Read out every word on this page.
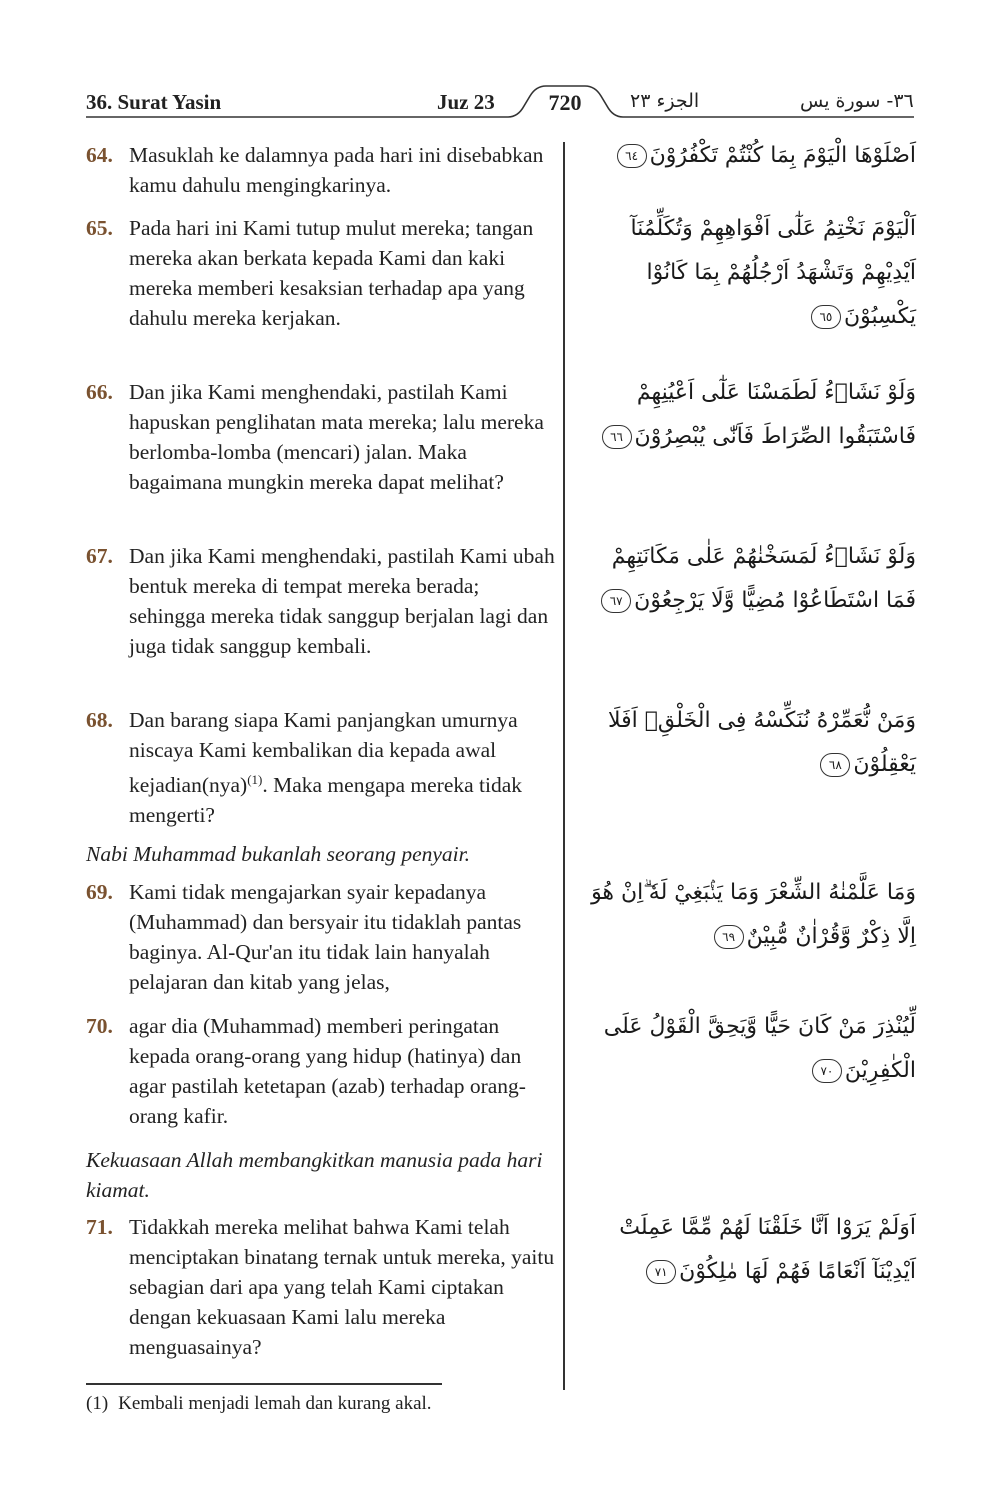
36. Surat Yasin	Juz 23	720	الجزء ٢٣	٣٦- سورة يس
64. Masuklah ke dalamnya pada hari ini disebabkan kamu dahulu mengingkarinya.
65. Pada hari ini Kami tutup mulut mereka; tangan mereka akan berkata kepada Kami dan kaki mereka memberi kesaksian terhadap apa yang dahulu mereka kerjakan.
66. Dan jika Kami menghendaki, pastilah Kami hapuskan penglihatan mata mereka; lalu mereka berlomba-lomba (mencari) jalan. Maka bagaimana mungkin mereka dapat melihat?
67. Dan jika Kami menghendaki, pastilah Kami ubah bentuk mereka di tempat mereka berada; sehingga mereka tidak sanggup berjalan lagi dan juga tidak sanggup kembali.
68. Dan barang siapa Kami panjangkan umurnya niscaya Kami kembalikan dia kepada awal kejadian(nya)$^{(1)}$. Maka mengapa mereka tidak mengerti?
Nabi Muhammad bukanlah seorang penyair.
69. Kami tidak mengajarkan syair kepadanya (Muhammad) dan bersyair itu tidaklah pantas baginya. Al-Qur'an itu tidak lain hanyalah pelajaran dan kitab yang jelas,
70. agar dia (Muhammad) memberi peringatan kepada orang-orang yang hidup (hatinya) dan agar pastilah ketetapan (azab) terhadap orang-orang kafir.
Kekuasaan Allah membangkitkan manusia pada hari kiamat.
71. Tidakkah mereka melihat bahwa Kami telah menciptakan binatang ternak untuk mereka, yaitu sebagian dari apa yang telah Kami ciptakan dengan kekuasaan Kami lalu mereka menguasainya?
اَصْلَوْهَا الْيَوْمَ بِمَا كُنْتُمْ تَكْفُرُوْنَ٦٤
اَلْيَوْمَ نَخْتِمُ عَلٰٓى اَفْوَاهِهِمْ وَتُكَلِّمُنَآ اَيْدِيْهِمْ وَتَشْهَدُ اَرْجُلُهُمْ بِمَا كَانُوْا يَكْسِبُوْنَ٦٥
وَلَوْ نَشَاۤءُ لَطَمَسْنَا عَلٰٓى اَعْيُنِهِمْ فَاسْتَبَقُوا الصِّرَاطَ فَاَنّٰى يُبْصِرُوْنَ٦٦
وَلَوْ نَشَاۤءُ لَمَسَخْنٰهُمْ عَلٰى مَكَانَتِهِمْ فَمَا اسْتَطَاعُوْا مُضِيًّا وَّلَا يَرْجِعُوْنَ٦٧
وَمَنْ نُّعَمِّرْهُ نُنَكِّسْهُ فِى الْخَلْقِۗ اَفَلَا يَعْقِلُوْنَ٦٨
وَمَا عَلَّمْنٰهُ الشِّعْرَ وَمَا يَنْۢبَغِيْ لَهٗ ۗاِنْ هُوَ اِلَّا ذِكْرٌ وَّقُرْاٰنٌ مُّبِيْنٌ٦٩
لِّيُنْذِرَ مَنْ كَانَ حَيًّا وَّيَحِقَّ الْقَوْلُ عَلَى الْكٰفِرِيْنَ٧٠
اَوَلَمْ يَرَوْا اَنَّا خَلَقْنَا لَهُمْ مِّمَّا عَمِلَتْ اَيْدِيْنَآ اَنْعَامًا فَهُمْ لَهَا مٰلِكُوْنَ٧١
(1) Kembali menjadi lemah dan kurang akal.
